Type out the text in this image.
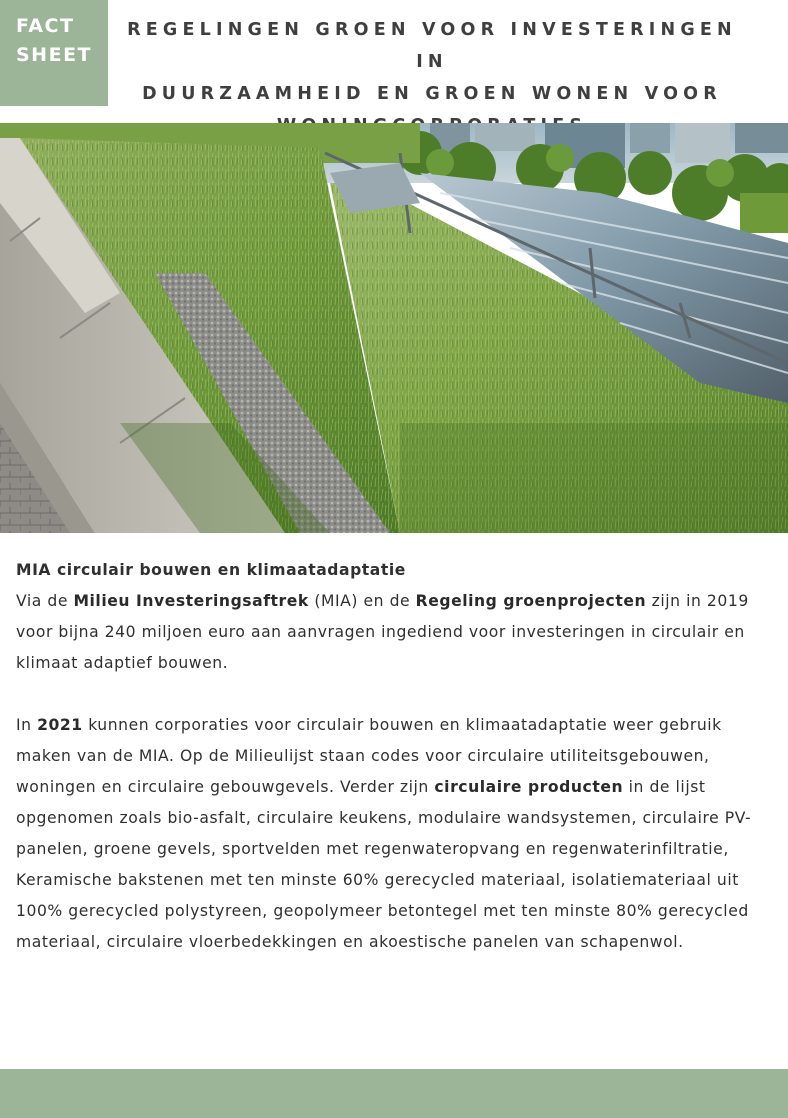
FACT
SHEET
REGELINGEN GROEN VOOR INVESTERINGEN IN
DUURZAAMHEID EN GROEN WONEN VOOR

MIA circulair bouwen en klimaatadaptatie

Via de Milieu Investeringsaftrek (MIA) en de Regeling groenprojecten zijn in 2019 voor bijna 240 miljoen euro aan aanvragen ingediend voor investeringen in circulair en klimaat adaptief bouwen.

In 2021 kunnen corporaties voor circulair bouwen en klimaatadaptatie weer gebruik maken van de MIA. Op de Milieulijst staan codes voor circulaire utiliteitsgebouwen, woningen en circulaire gebouwgevels. Verder zijn circulaire producten in de lijst opgenomen zoals bio-asfalt, circulaire keukens, modulaire wandsystemen, circulaire PV-panelen, groene gevels, sportvelden met regenwateropvang en regenwaterinfiltratie,

Keramische bakstenen met ten minste 60% gerecycled materiaal, isolatiemateriaal uit 100% gerecycled polystyreen, geopolymeer betontegel met ten minste 80% gerecycled materiaal, circulaire vloerbedekkingen en akoestische panelen van schapenwol.
